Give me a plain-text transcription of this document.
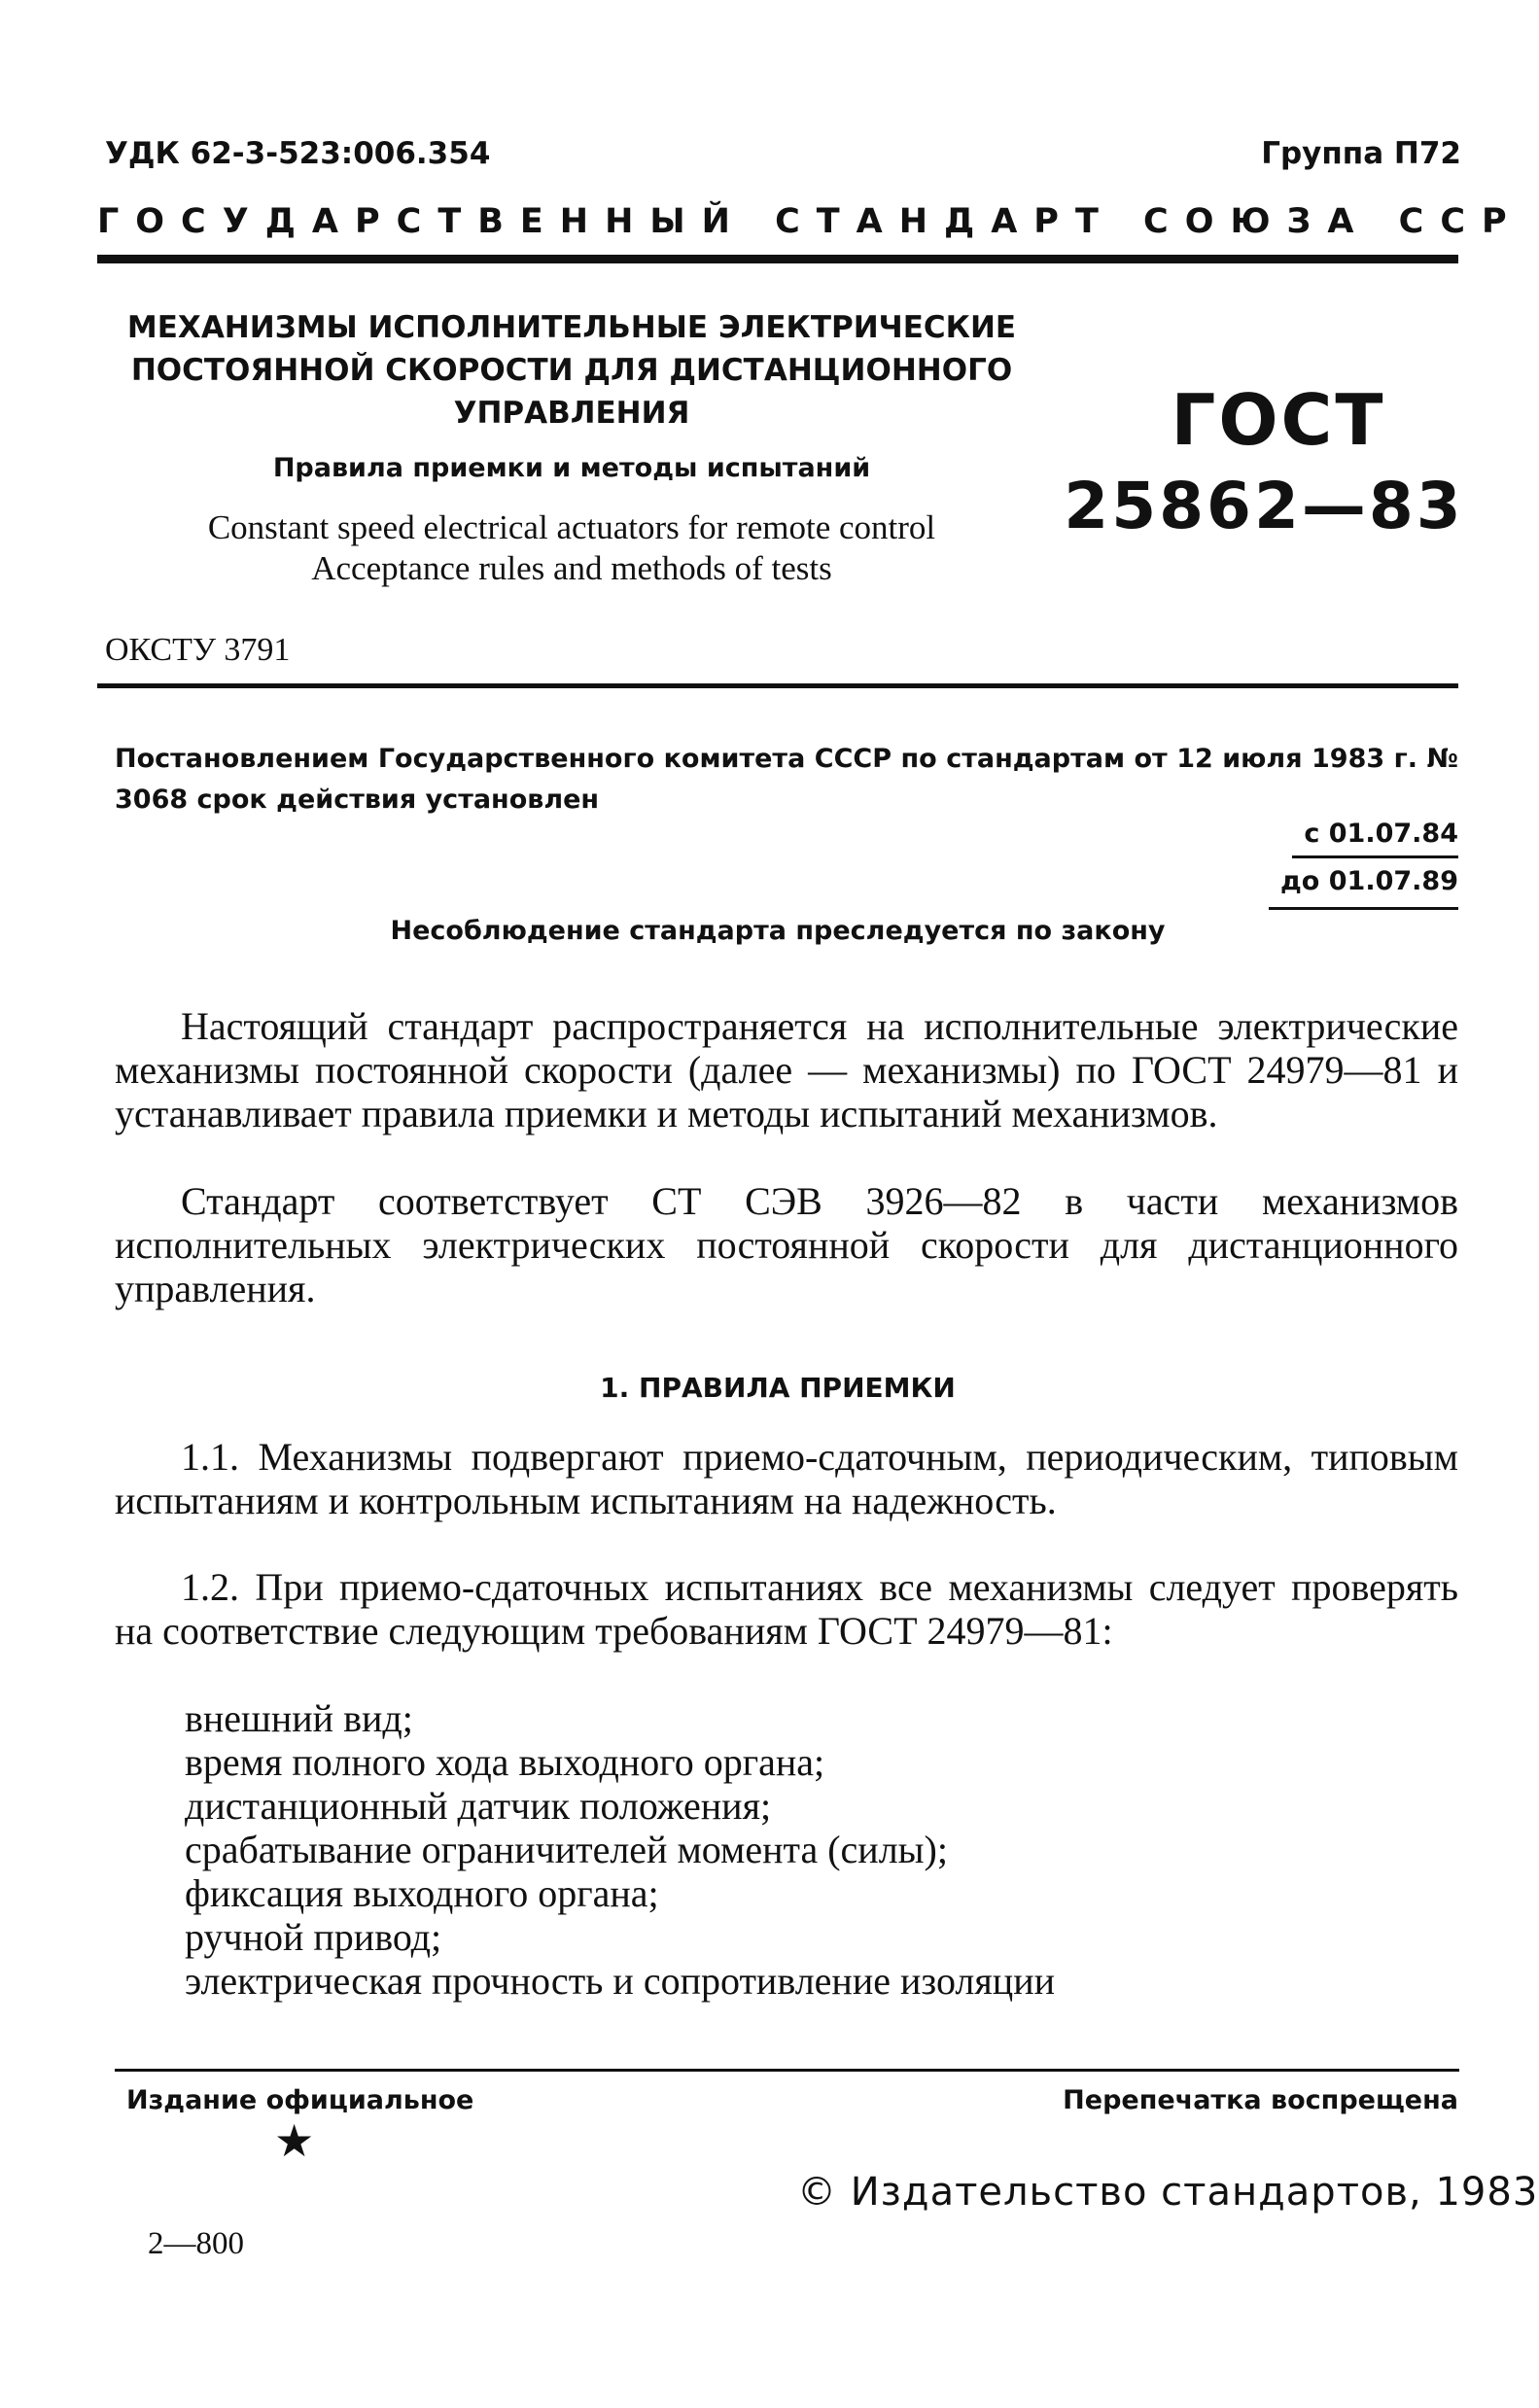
УДК 62-3-523:006.354	Группа П72
ГОСУДАРСТВЕННЫЙ СТАНДАРТ СОЮЗА ССР
МЕХАНИЗМЫ ИСПОЛНИТЕЛЬНЫЕ ЭЛЕКТРИЧЕСКИЕ
ПОСТОЯННОЙ СКОРОСТИ ДЛЯ ДИСТАНЦИОННОГО
УПРАВЛЕНИЯ
Правила приемки и методы испытаний
Constant speed electrical actuators for remote control
Acceptance rules and methods of tests
ГОСТ
25862—83
ОКСТУ 3791
Постановлением Государственного комитета СССР по стандартам от 12 июля 1983 г. № 3068 срок действия установлен
с 01.07.84
до 01.07.89
Несоблюдение стандарта преследуется по закону
Настоящий стандарт распространяется на исполнительные электрические механизмы постоянной скорости (далее — механизмы) по ГОСТ 24979—81 и устанавливает правила приемки и методы испытаний механизмов.
Стандарт соответствует СТ СЭВ 3926—82 в части механизмов исполнительных электрических постоянной скорости для дистанционного управления.
1. ПРАВИЛА ПРИЕМКИ
1.1. Механизмы подвергают приемо-сдаточным, периодическим, типовым испытаниям и контрольным испытаниям на надежность.
1.2. При приемо-сдаточных испытаниях все механизмы следует проверять на соответствие следующим требованиям ГОСТ 24979—81:
внешний вид;
время полного хода выходного органа;
дистанционный датчик положения;
срабатывание ограничителей момента (силы);
фиксация выходного органа;
ручной привод;
электрическая прочность и сопротивление изоляции
Издание официальное	Перепечатка воспрещена
★
© Издательство стандартов, 1983
2—800
